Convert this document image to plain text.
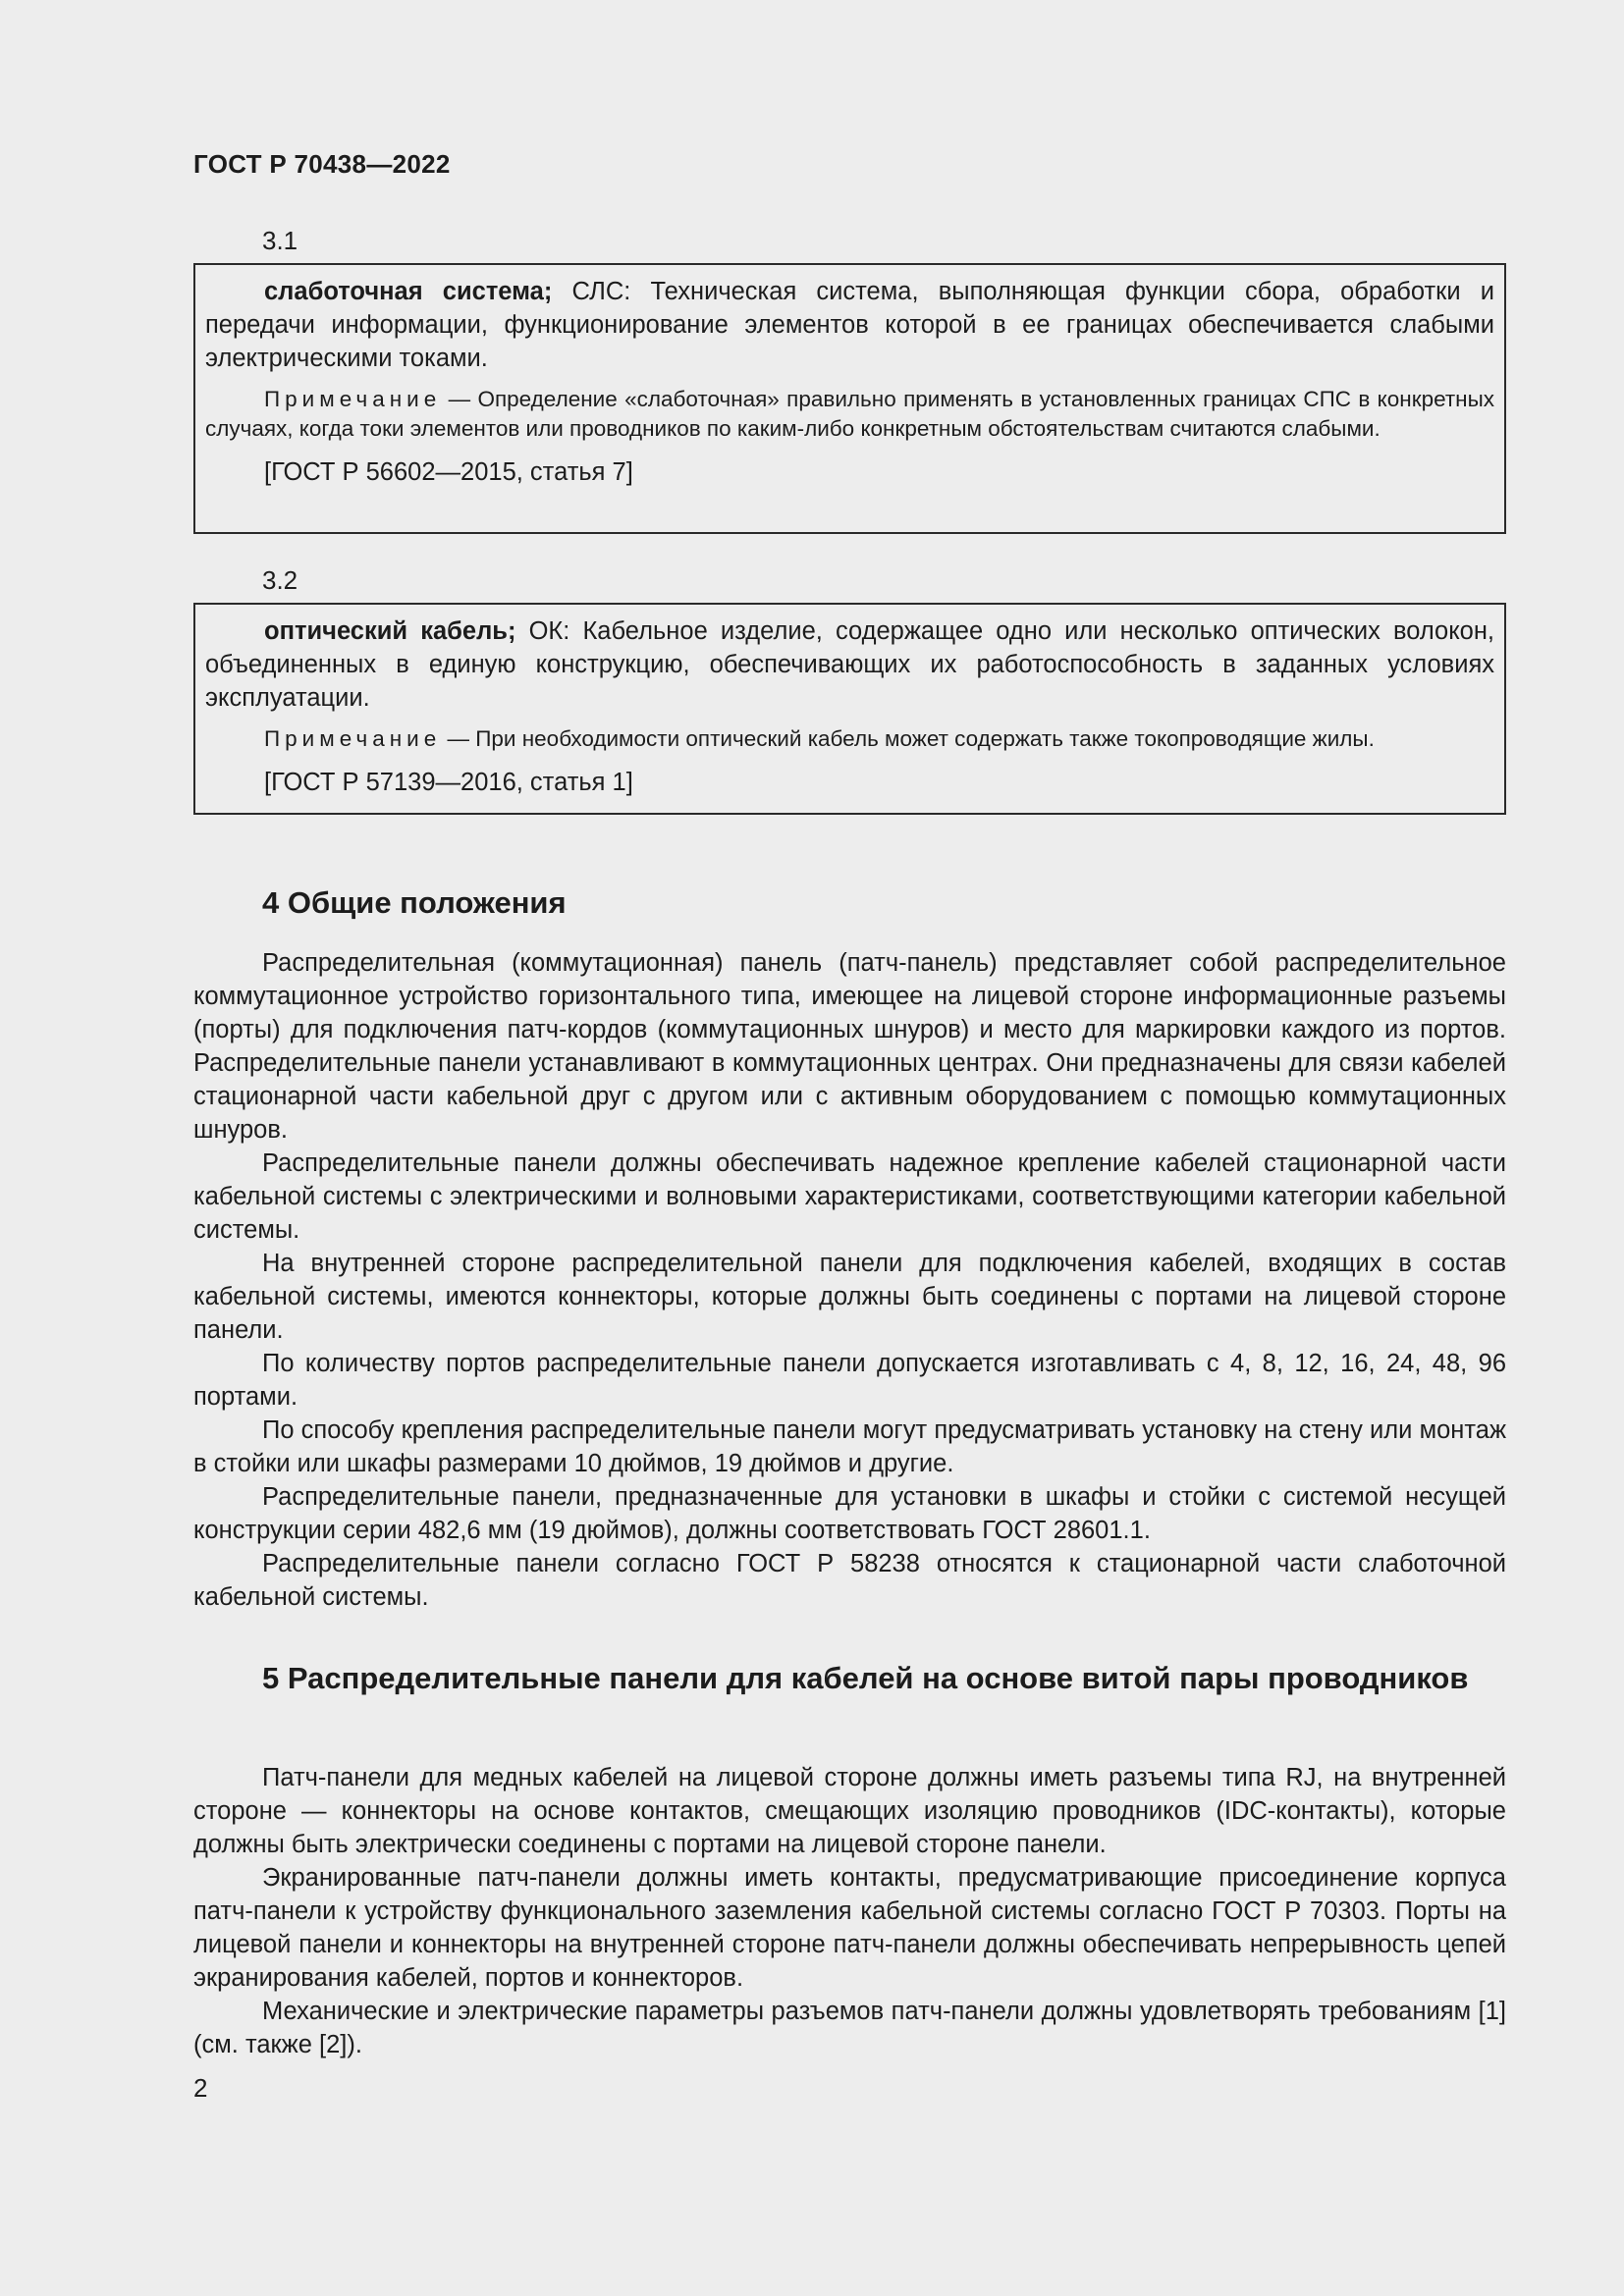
ГОСТ Р 70438—2022
3.1

слаботочная система; СЛС: Техническая система, выполняющая функции сбора, обработки и передачи информации, функционирование элементов которой в ее границах обеспечивается слабыми электрическими токами.

Примечание — Определение «слаботочная» правильно применять в установленных границах СПС в конкретных случаях, когда токи элементов или проводников по каким-либо конкретным обстоятельствам считаются слабыми.

[ГОСТ Р 56602—2015, статья 7]
3.2

оптический кабель; ОК: Кабельное изделие, содержащее одно или несколько оптических волокон, объединенных в единую конструкцию, обеспечивающих их работоспособность в заданных условиях эксплуатации.

Примечание — При необходимости оптический кабель может содержать также токопроводящие жилы.

[ГОСТ Р 57139—2016, статья 1]
4 Общие положения

Распределительная (коммутационная) панель (патч-панель) представляет собой распределительное коммутационное устройство горизонтального типа, имеющее на лицевой стороне информационные разъемы (порты) для подключения патч-кордов (коммутационных шнуров) и место для маркировки каждого из портов. Распределительные панели устанавливают в коммутационных центрах. Они предназначены для связи кабелей стационарной части кабельной друг с другом или с активным оборудованием с помощью коммутационных шнуров.

Распределительные панели должны обеспечивать надежное крепление кабелей стационарной части кабельной системы с электрическими и волновыми характеристиками, соответствующими категории кабельной системы.

На внутренней стороне распределительной панели для подключения кабелей, входящих в состав кабельной системы, имеются коннекторы, которые должны быть соединены с портами на лицевой стороне панели.

По количеству портов распределительные панели допускается изготавливать с 4, 8, 12, 16, 24, 48, 96 портами.

По способу крепления распределительные панели могут предусматривать установку на стену или монтаж в стойки или шкафы размерами 10 дюймов, 19 дюймов и другие.

Распределительные панели, предназначенные для установки в шкафы и стойки с системой несущей конструкции серии 482,6 мм (19 дюймов), должны соответствовать ГОСТ 28601.1.

Распределительные панели согласно ГОСТ Р 58238 относятся к стационарной части слаботочной кабельной системы.

5 Распределительные панели для кабелей на основе витой пары проводников

Патч-панели для медных кабелей на лицевой стороне должны иметь разъемы типа RJ, на внутренней стороне — коннекторы на основе контактов, смещающих изоляцию проводников (IDC-контакты), которые должны быть электрически соединены с портами на лицевой стороне панели.

Экранированные патч-панели должны иметь контакты, предусматривающие присоединение корпуса патч-панели к устройству функционального заземления кабельной системы согласно ГОСТ Р 70303. Порты на лицевой панели и коннекторы на внутренней стороне патч-панели должны обеспечивать непрерывность цепей экранирования кабелей, портов и коннекторов.

Механические и электрические параметры разъемов патч-панели должны удовлетворять требованиям [1] (см. также [2]).

2
